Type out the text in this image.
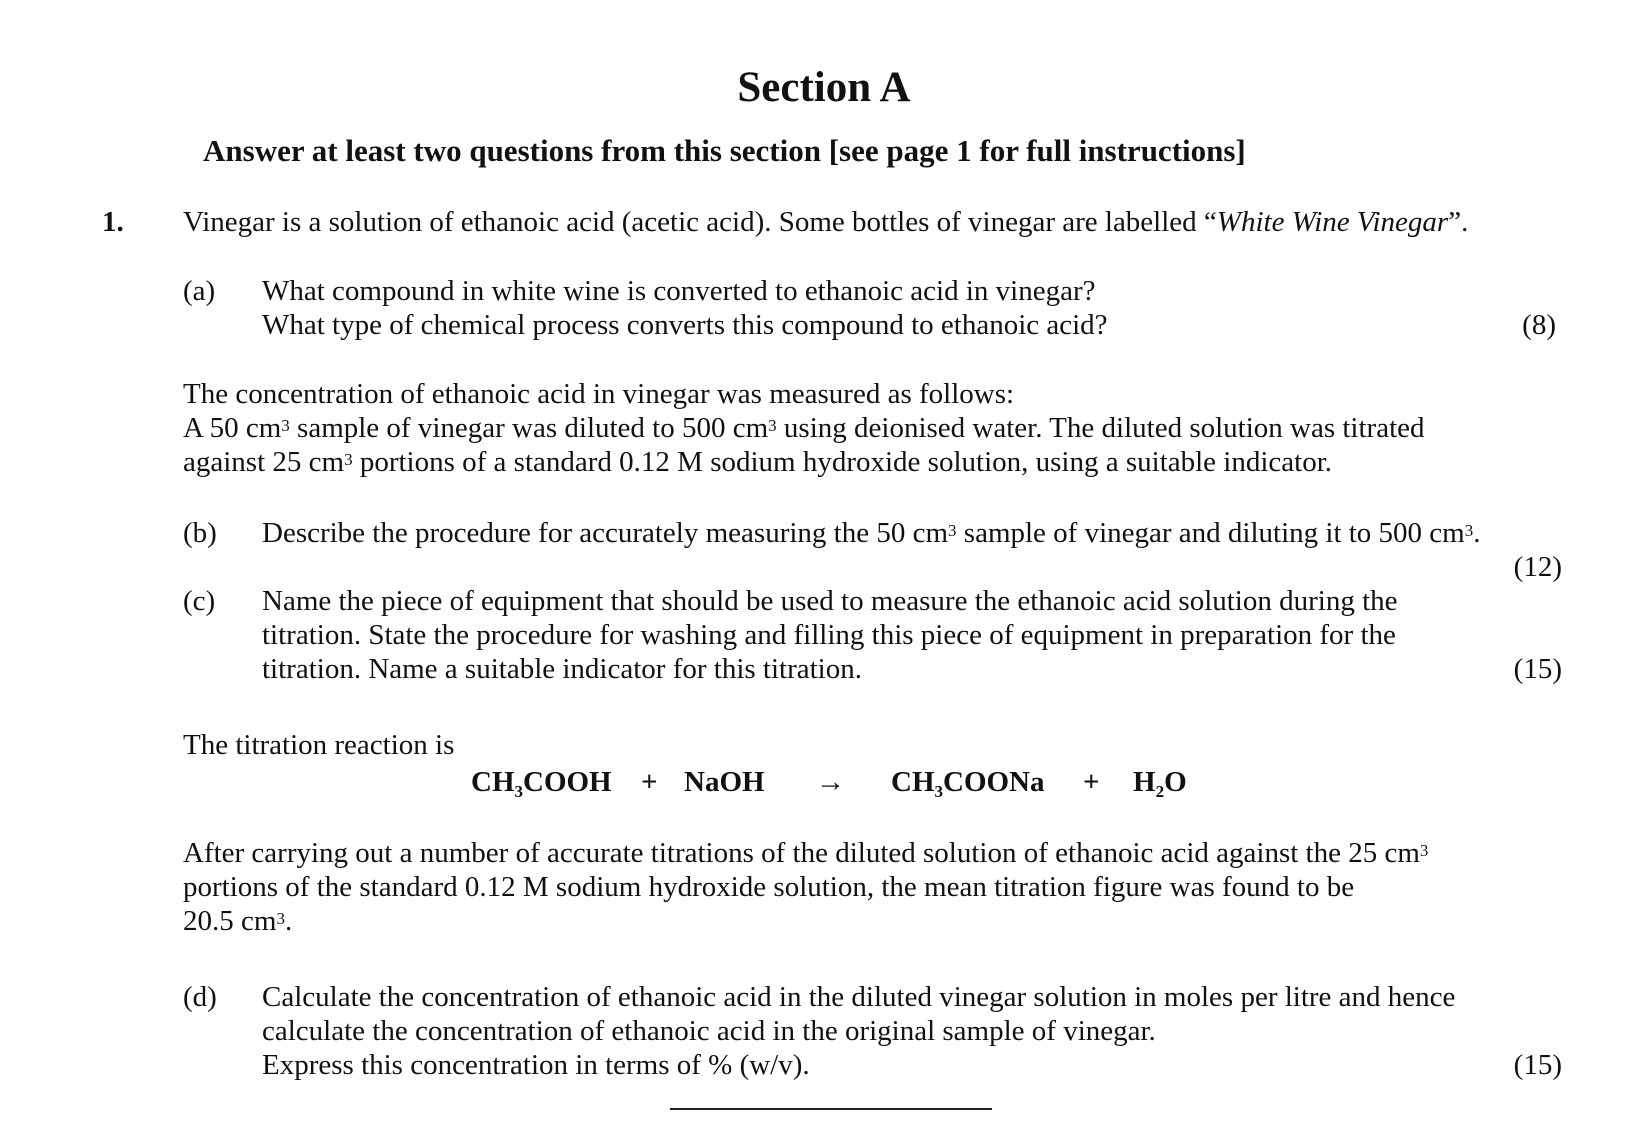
Section A
Answer at least two questions from this section [see page 1 for full instructions]
1. Vinegar is a solution of ethanoic acid (acetic acid). Some bottles of vinegar are labelled “White Wine Vinegar”.
(a) What compound in white wine is converted to ethanoic acid in vinegar?
What type of chemical process converts this compound to ethanoic acid?	(8)
The concentration of ethanoic acid in vinegar was measured as follows:
A 50 $cm^3$ sample of vinegar was diluted to 500 $cm^3$ using deionised water. The diluted solution was titrated
against 25 $cm^3$ portions of a standard 0.12 M sodium hydroxide solution, using a suitable indicator.
(b) Describe the procedure for accurately measuring the 50 $cm^3$ sample of vinegar and diluting it to 500 $cm^3$.
(12)
(c) Name the piece of equipment that should be used to measure the ethanoic acid solution during the
titration. State the procedure for washing and filling this piece of equipment in preparation for the
titration. Name a suitable indicator for this titration.	(15)
The titration reaction is
$CH_3COOH$ + NaOH → $CH_3COONa + H_2O$
After carrying out a number of accurate titrations of the diluted solution of ethanoic acid against the 25 $cm^3$
portions of the standard 0.12 M sodium hydroxide solution, the mean titration figure was found to be
20.5 $cm^3$.
(d) Calculate the concentration of ethanoic acid in the diluted vinegar solution in moles per litre and hence
calculate the concentration of ethanoic acid in the original sample of vinegar.
Express this concentration in terms of % (w/v).	(15)
